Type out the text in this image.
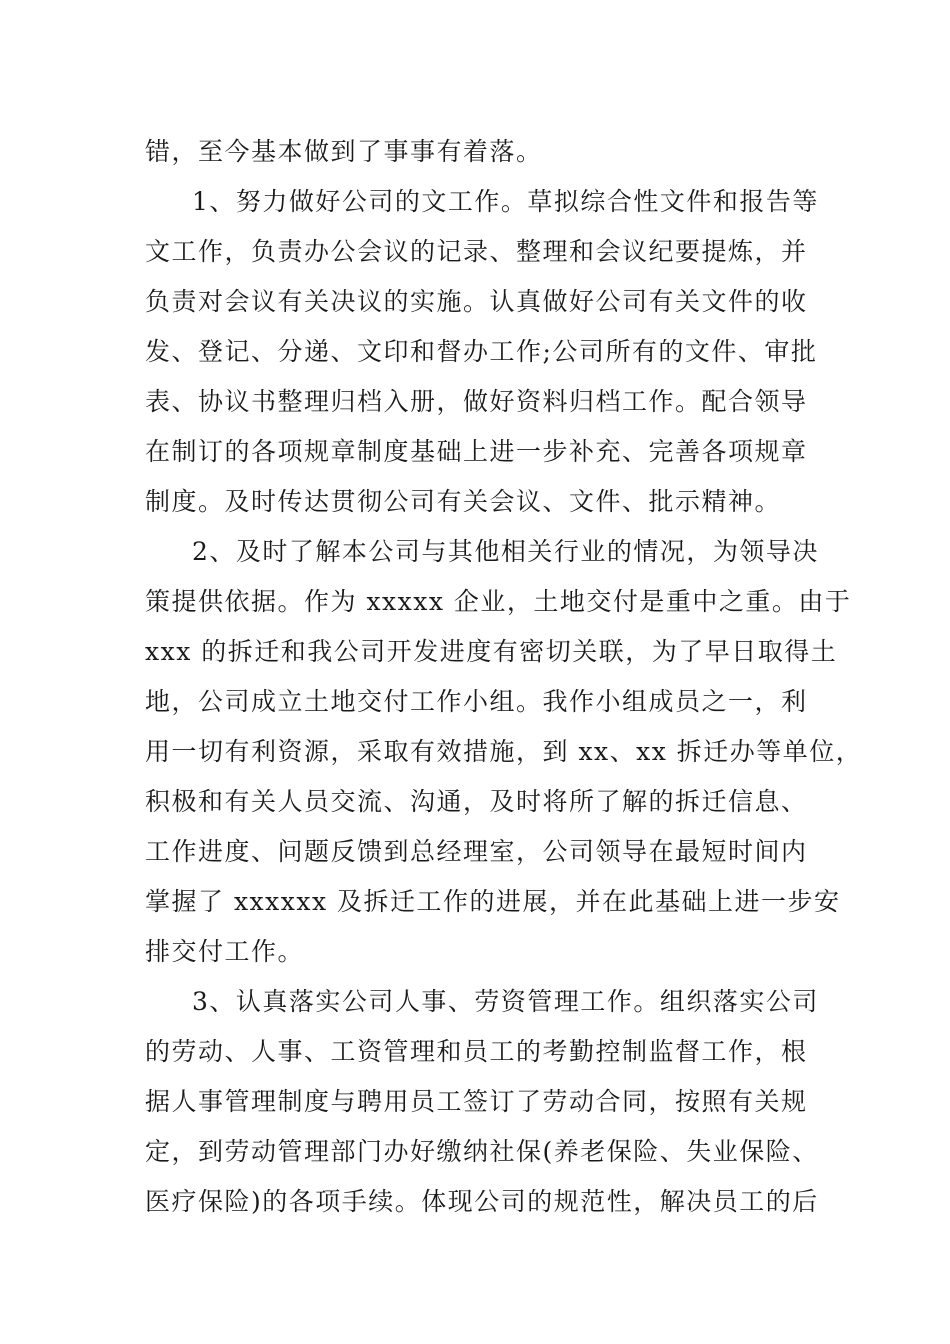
错，至今基本做到了事事有着落。
1、努力做好公司的文工作。草拟综合性文件和报告等
文工作，负责办公会议的记录、整理和会议纪要提炼，并
负责对会议有关决议的实施。认真做好公司有关文件的收
发、登记、分递、文印和督办工作;公司所有的文件、审批
表、协议书整理归档入册，做好资料归档工作。配合领导
在制订的各项规章制度基础上进一步补充、完善各项规章
制度。及时传达贯彻公司有关会议、文件、批示精神。
2、及时了解本公司与其他相关行业的情况，为领导决
策提供依据。作为 xxxxx 企业，土地交付是重中之重。由于
xxx 的拆迁和我公司开发进度有密切关联，为了早日取得土
地，公司成立土地交付工作小组。我作小组成员之一，利
用一切有利资源，采取有效措施，到 xx、xx 拆迁办等单位，
积极和有关人员交流、沟通，及时将所了解的拆迁信息、
工作进度、问题反馈到总经理室，公司领导在最短时间内
掌握了 xxxxxx 及拆迁工作的进展，并在此基础上进一步安
排交付工作。
3、认真落实公司人事、劳资管理工作。组织落实公司
的劳动、人事、工资管理和员工的考勤控制监督工作，根
据人事管理制度与聘用员工签订了劳动合同，按照有关规
定，到劳动管理部门办好缴纳社保(养老保险、失业保险、
医疗保险)的各项手续。体现公司的规范性，解决员工的后
